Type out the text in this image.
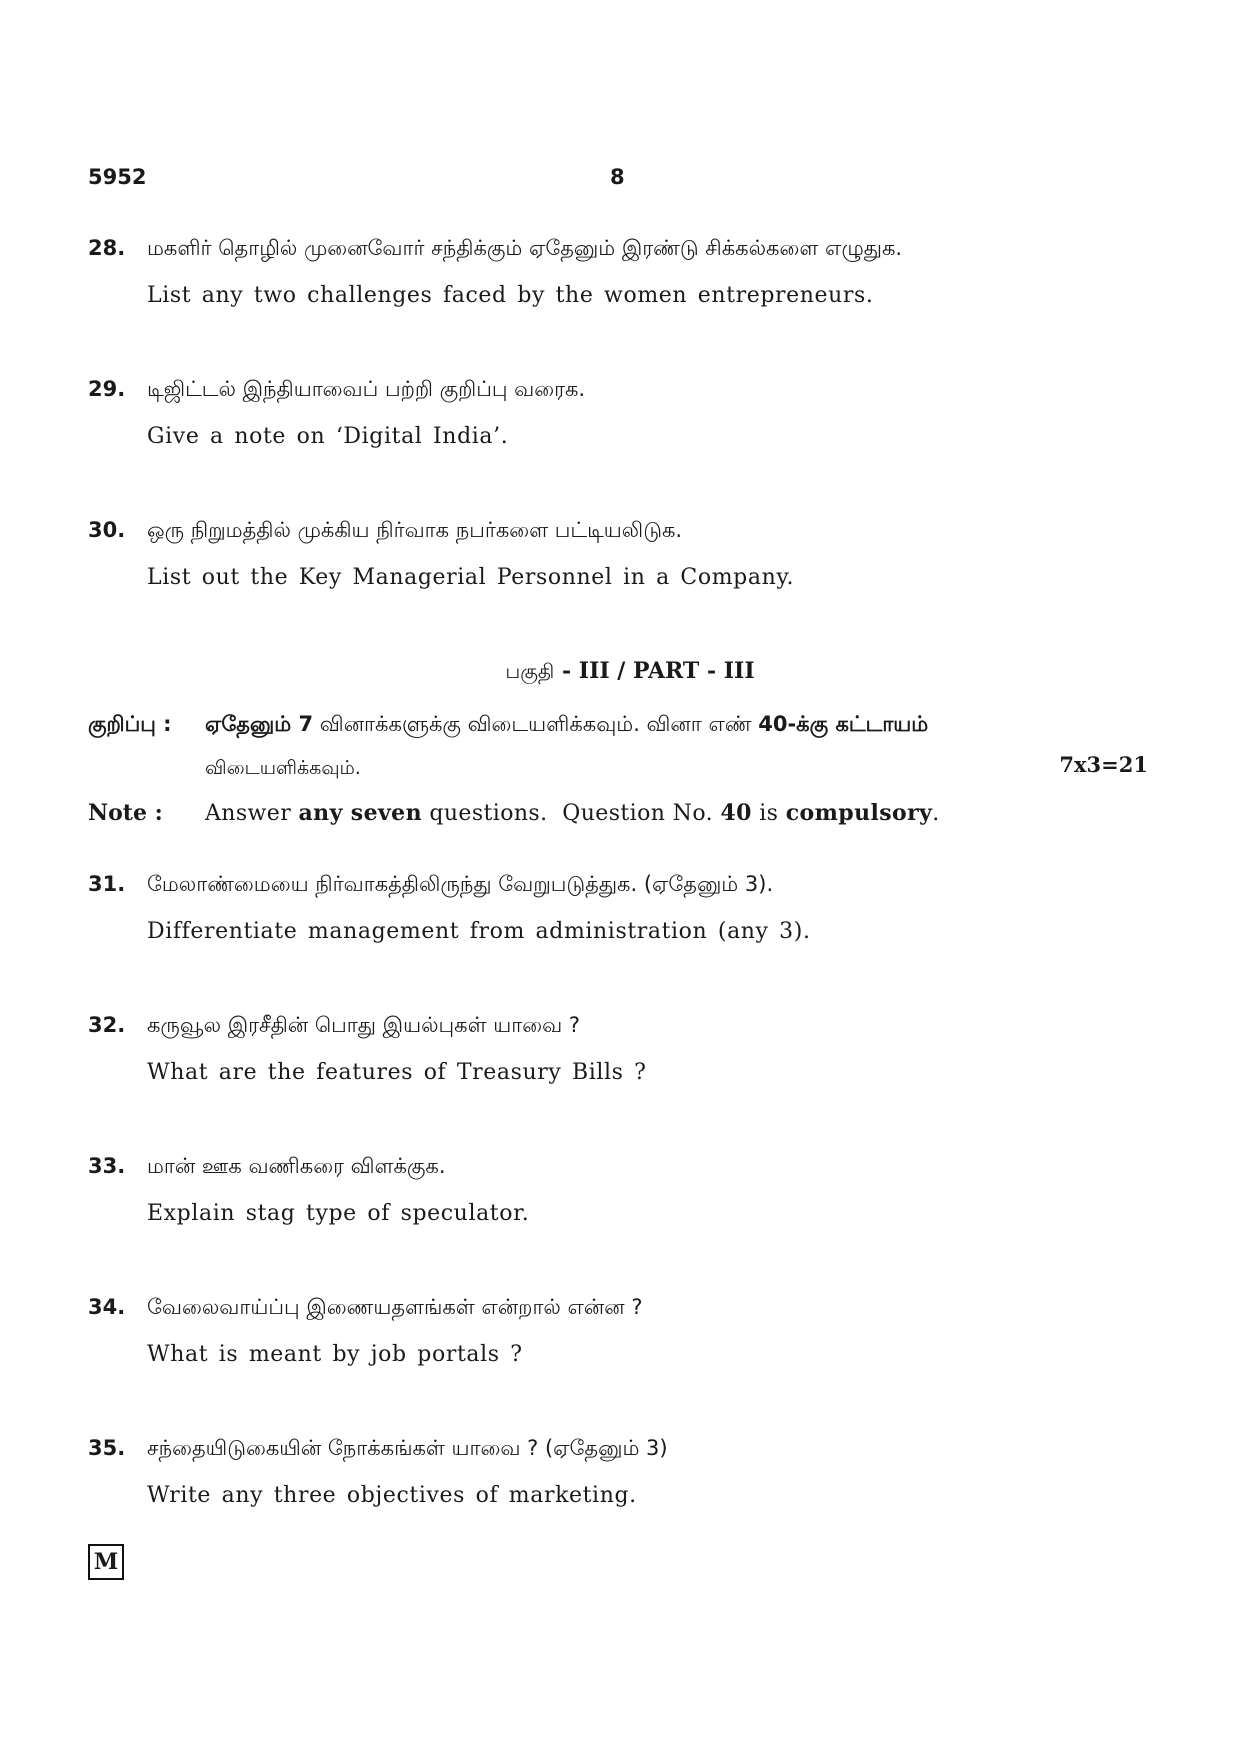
5952	8
28. மகளிர் தொழில் முனைவோர் சந்திக்கும் ஏதேனும் இரண்டு சிக்கல்களை எழுதுக.
List any two challenges faced by the women entrepreneurs.
29. டிஜிட்டல் இந்தியாவைப் பற்றி குறிப்பு வரைக.
Give a note on ‘Digital India’.
30. ஒரு நிறுமத்தில் முக்கிய நிர்வாக நபர்களை பட்டியலிடுக.
List out the Key Managerial Personnel in a Company.
பகுதி - III / PART - III
குறிப்பு : ஏதேனும் 7 வினாக்களுக்கு விடையளிக்கவும். வினா எண் 40-க்கு கட்டாயம்
விடையளிக்கவும்.	7x3=21
Note : Answer any seven questions.  Question No. 40 is compulsory.
31. மேலாண்மையை நிர்வாகத்திலிருந்து வேறுபடுத்துக. (ஏதேனும் 3).
Differentiate management from administration (any 3).
32. கருவூல இரசீதின் பொது இயல்புகள் யாவை ?
What are the features of Treasury Bills ?
33. மான் ஊக வணிகரை விளக்குக.
Explain stag type of speculator.
34. வேலைவாய்ப்பு இணையதளங்கள் என்றால் என்ன ?
What is meant by job portals ?
35. சந்தையிடுகையின் நோக்கங்கள் யாவை ? (ஏதேனும் 3)
Write any three objectives of marketing.
M
